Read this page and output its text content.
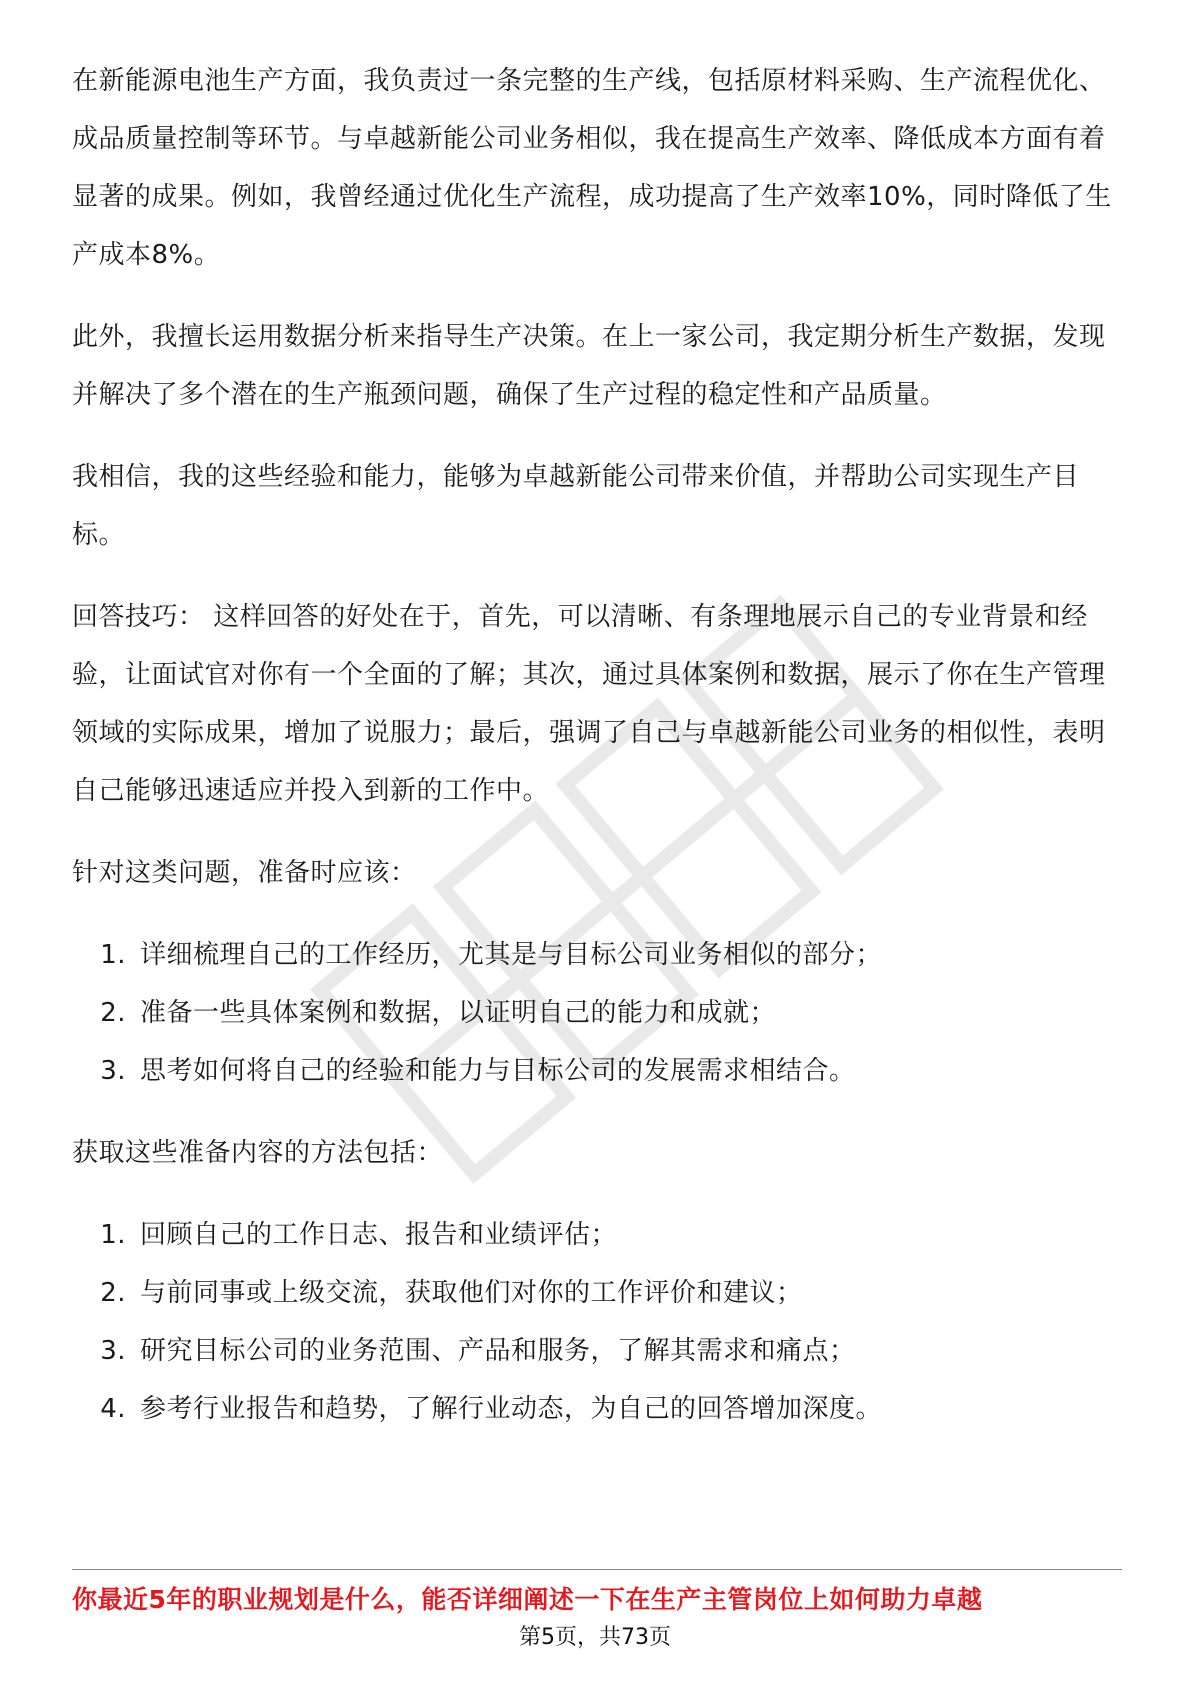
在新能源电池生产方面，我负责过一条完整的生产线，包括原材料采购、生产流程优化、成品质量控制等环节。与卓越新能公司业务相似，我在提高生产效率、降低成本方面有着显著的成果。例如，我曾经通过优化生产流程，成功提高了生产效率10%，同时降低了生产成本8%。

此外，我擅长运用数据分析来指导生产决策。在上一家公司，我定期分析生产数据，发现并解决了多个潜在的生产瓶颈问题，确保了生产过程的稳定性和产品质量。

我相信，我的这些经验和能力，能够为卓越新能公司带来价值，并帮助公司实现生产目标。

回答技巧： 这样回答的好处在于，首先，可以清晰、有条理地展示自己的专业背景和经验，让面试官对你有一个全面的了解；其次，通过具体案例和数据，展示了你在生产管理领域的实际成果，增加了说服力；最后，强调了自己与卓越新能公司业务的相似性，表明自己能够迅速适应并投入到新的工作中。

针对这类问题，准备时应该：

1. 详细梳理自己的工作经历，尤其是与目标公司业务相似的部分；
2. 准备一些具体案例和数据，以证明自己的能力和成就；
3. 思考如何将自己的经验和能力与目标公司的发展需求相结合。

获取这些准备内容的方法包括：

1. 回顾自己的工作日志、报告和业绩评估；
2. 与前同事或上级交流，获取他们对你的工作评价和建议；
3. 研究目标公司的业务范围、产品和服务，了解其需求和痛点；
4. 参考行业报告和趋势，了解行业动态，为自己的回答增加深度。
你最近5年的职业规划是什么，能否详细阐述一下在生产主管岗位上如何助力卓越
第5页，共73页
